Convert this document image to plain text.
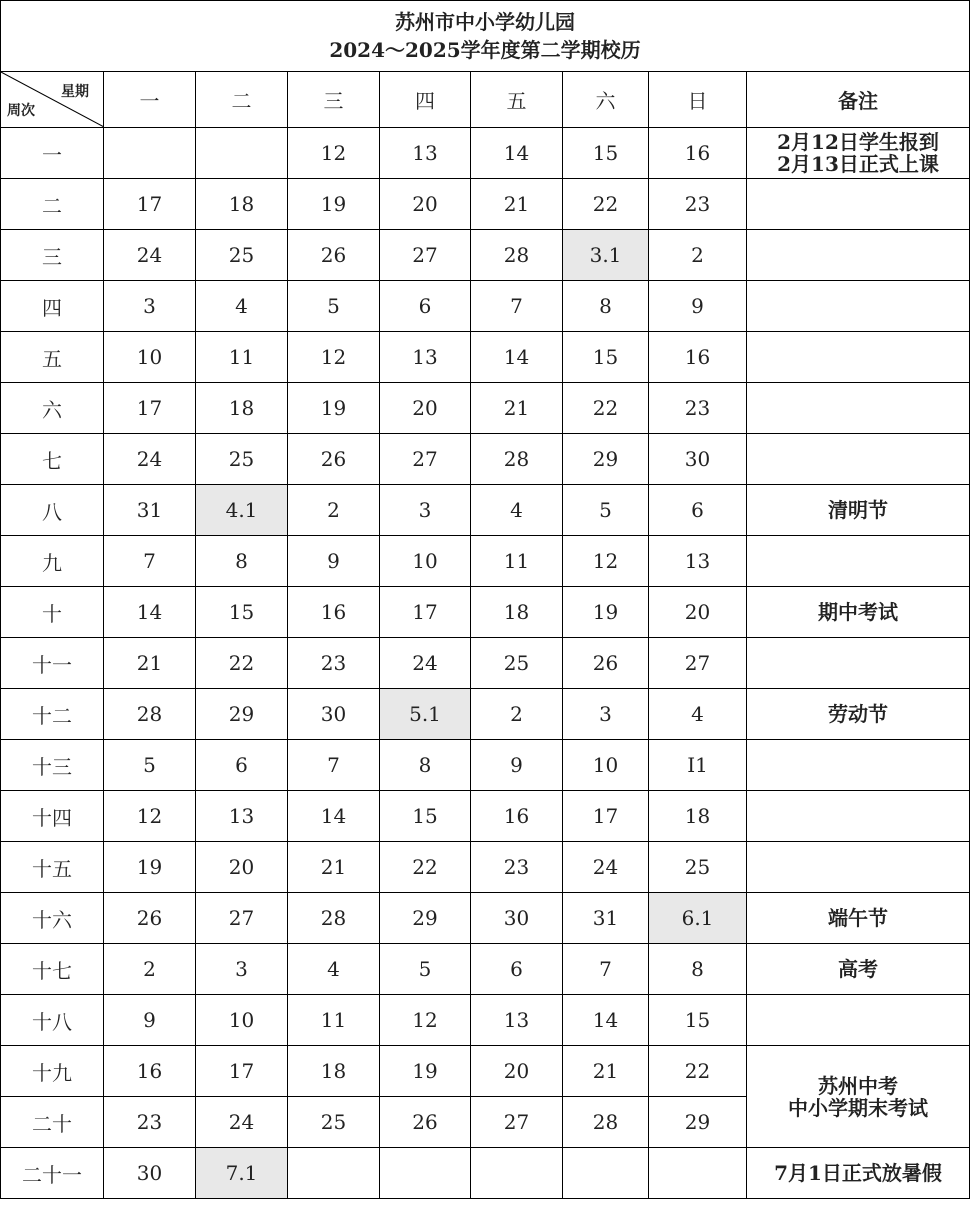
苏州市中小学幼儿园
2024～2025学年度第二学期校历								

星期
周次	一	二	三	四	五	六	日	备注
一			12	13	14	15	16	2月12日学生报到
2月13日正式上课

二	17	18	19	20	21	22	23	
三	24	25	26	27	28	3.1	2	
四	3	4	5	6	7	8	9	
五	10	11	12	13	14	15	16	
六	17	18	19	20	21	22	23	
七	24	25	26	27	28	29	30	
八	31	4.1	2	3	4	5	6	清明节

九	7	8	9	10	11	12	13	
十	14	15	16	17	18	19	20	期中考试

十一	21	22	23	24	25	26	27	
十二	28	29	30	5.1	2	3	4	劳动节

十三	5	6	7	8	9	10	I1	
十四	12	13	14	15	16	17	18	
十五	19	20	21	22	23	24	25	
十六	26	27	28	29	30	31	6.1	端午节

十七	2	3	4	5	6	7	8	高考

十八	9	10	11	12	13	14	15	
十九	16	17	18	19	20	21	22	苏州中考
中小学期末考试

二十	23	24	25	26	27	28	29	
二十一	30	7.1						7月1日正式放暑假
